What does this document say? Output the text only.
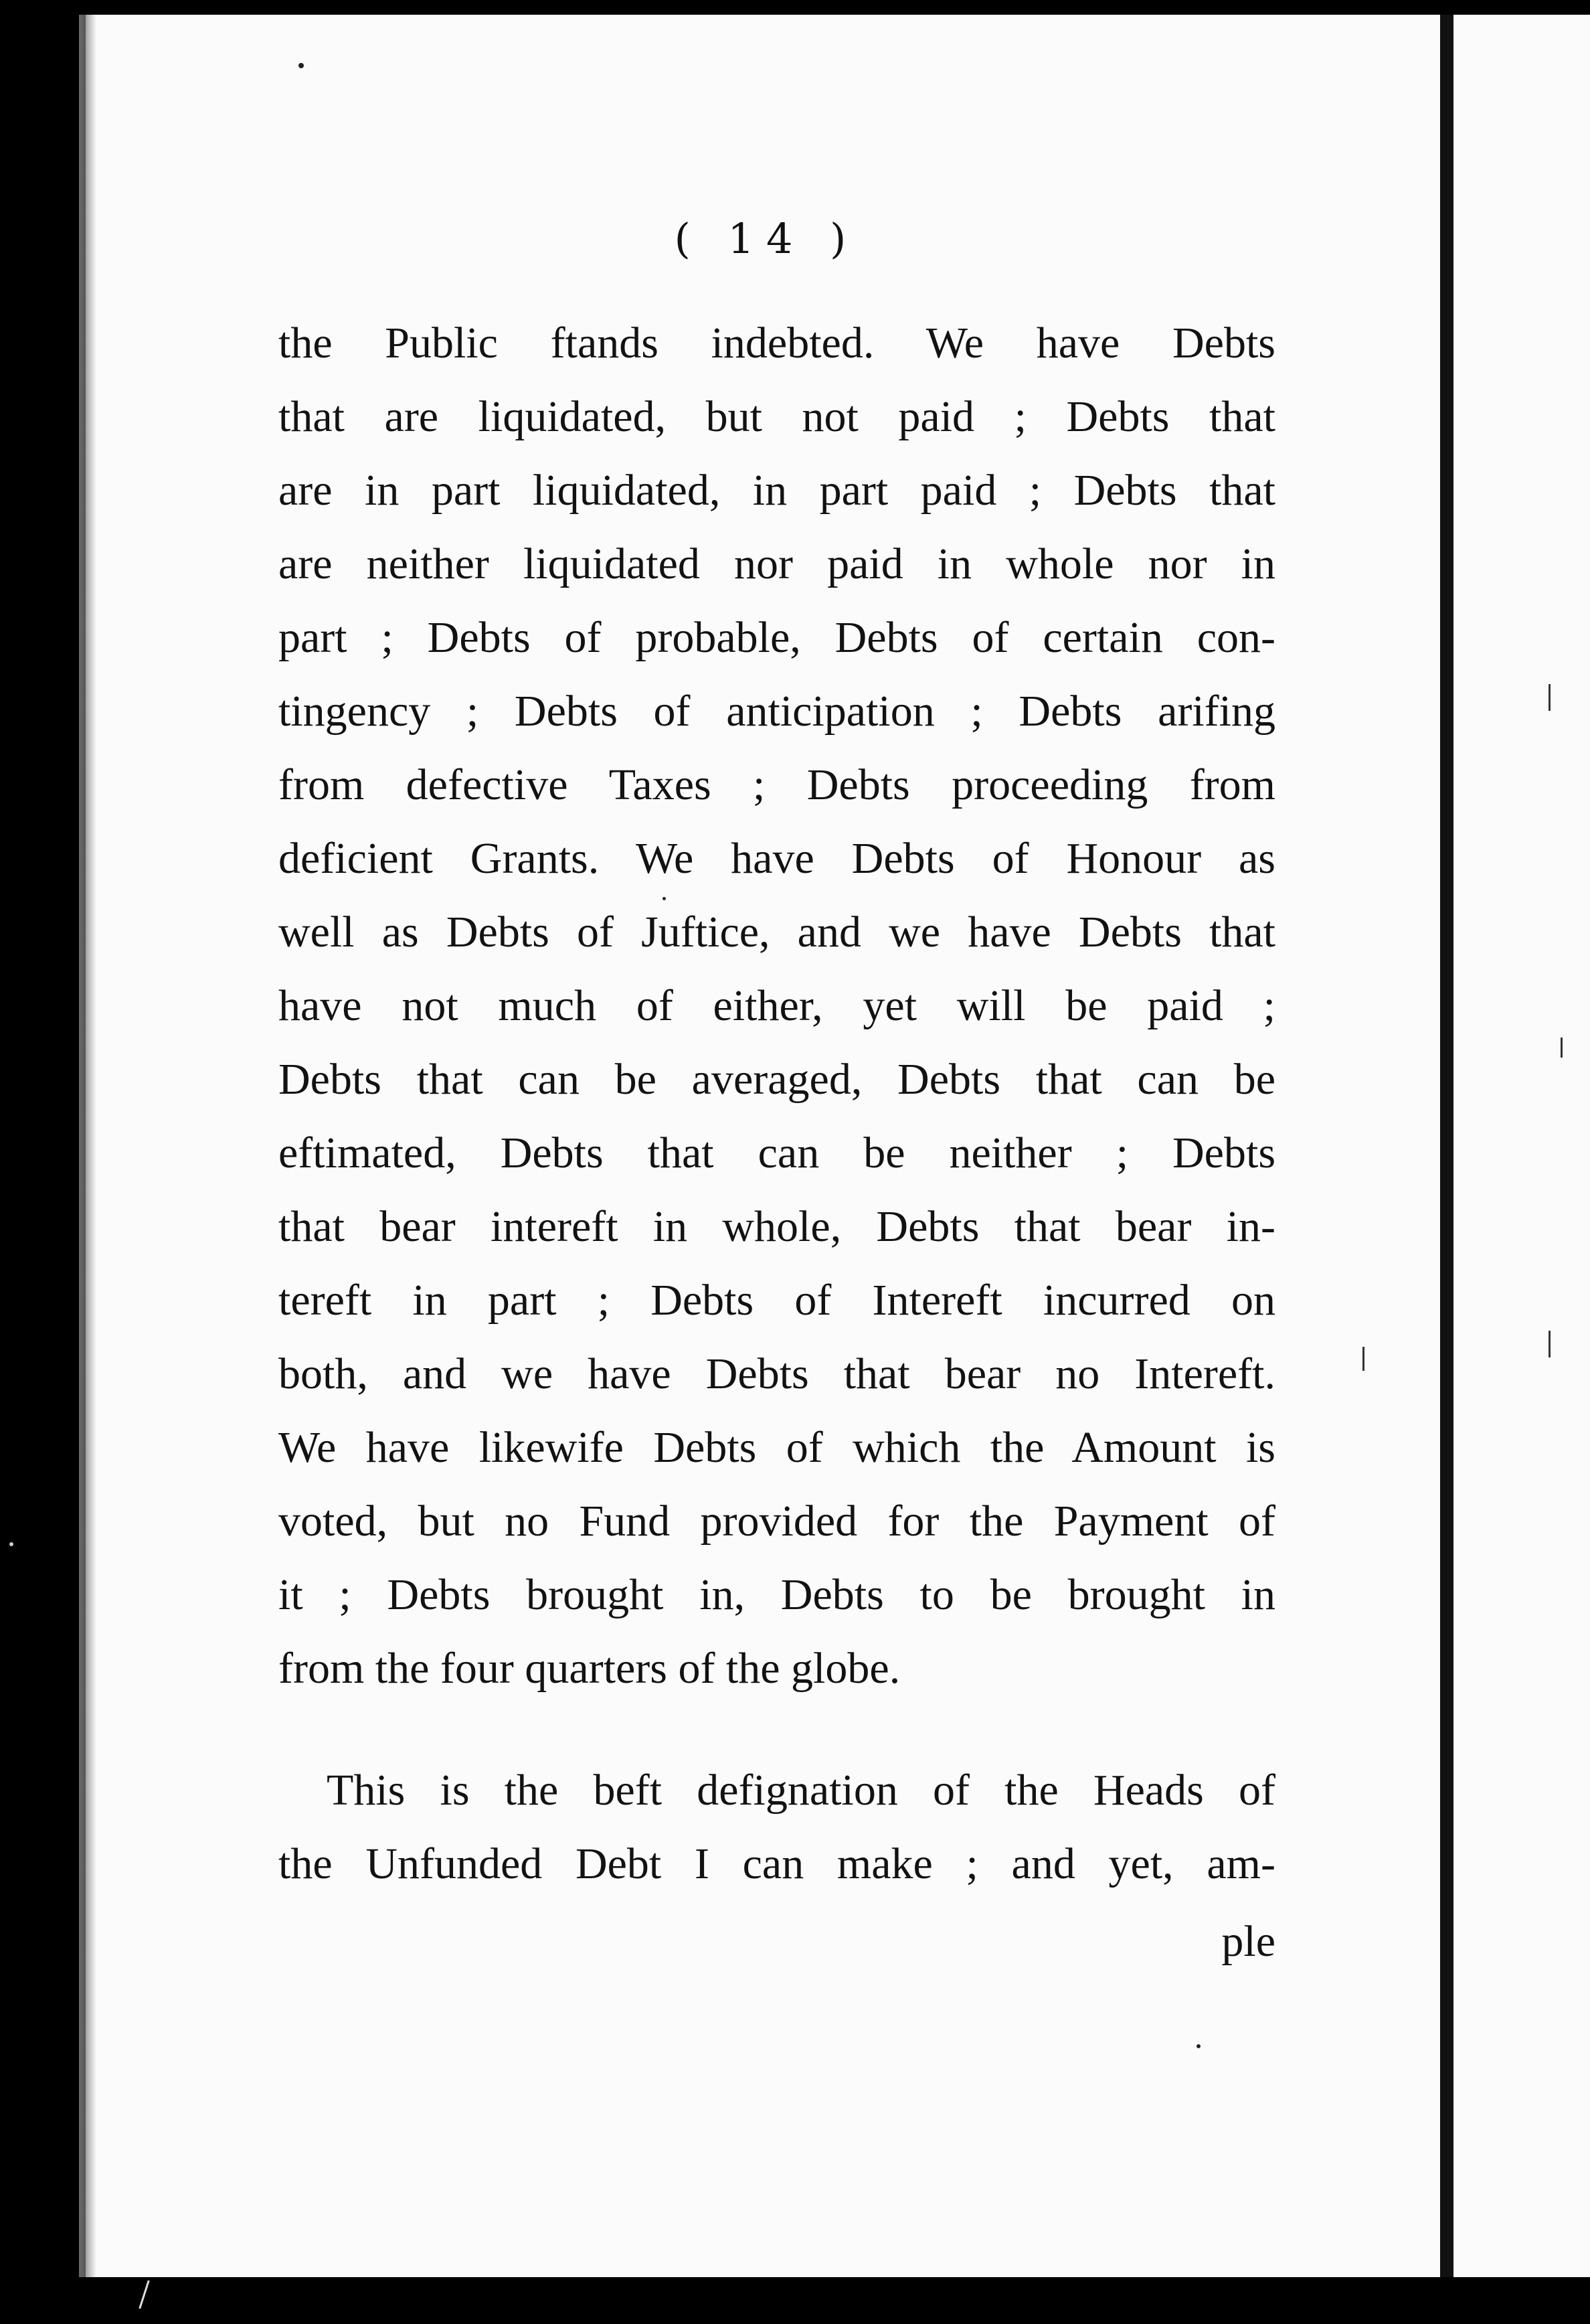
( 14 )
the Public ftands indebted. We have Debts
that are liquidated, but not paid ; Debts that
are in part liquidated, in part paid ; Debts that
are neither liquidated nor paid in whole nor in
part ; Debts of probable, Debts of certain con-
tingency ; Debts of anticipation ; Debts arifing
from defective Taxes ; Debts proceeding from
deficient Grants. We have Debts of Honour as
well as Debts of Juftice, and we have Debts that
have not much of either, yet will be paid ;
Debts that can be averaged, Debts that can be
eftimated, Debts that can be neither ; Debts
that bear intereft in whole, Debts that bear in-
tereft in part ; Debts of Intereft incurred on
both, and we have Debts that bear no Intereft.
We have likewife Debts of which the Amount is
voted, but no Fund provided for the Payment of
it ; Debts brought in, Debts to be brought in
from the four quarters of the globe.
This is the beft defignation of the Heads of
the Unfunded Debt I can make ; and yet, am-
ple
